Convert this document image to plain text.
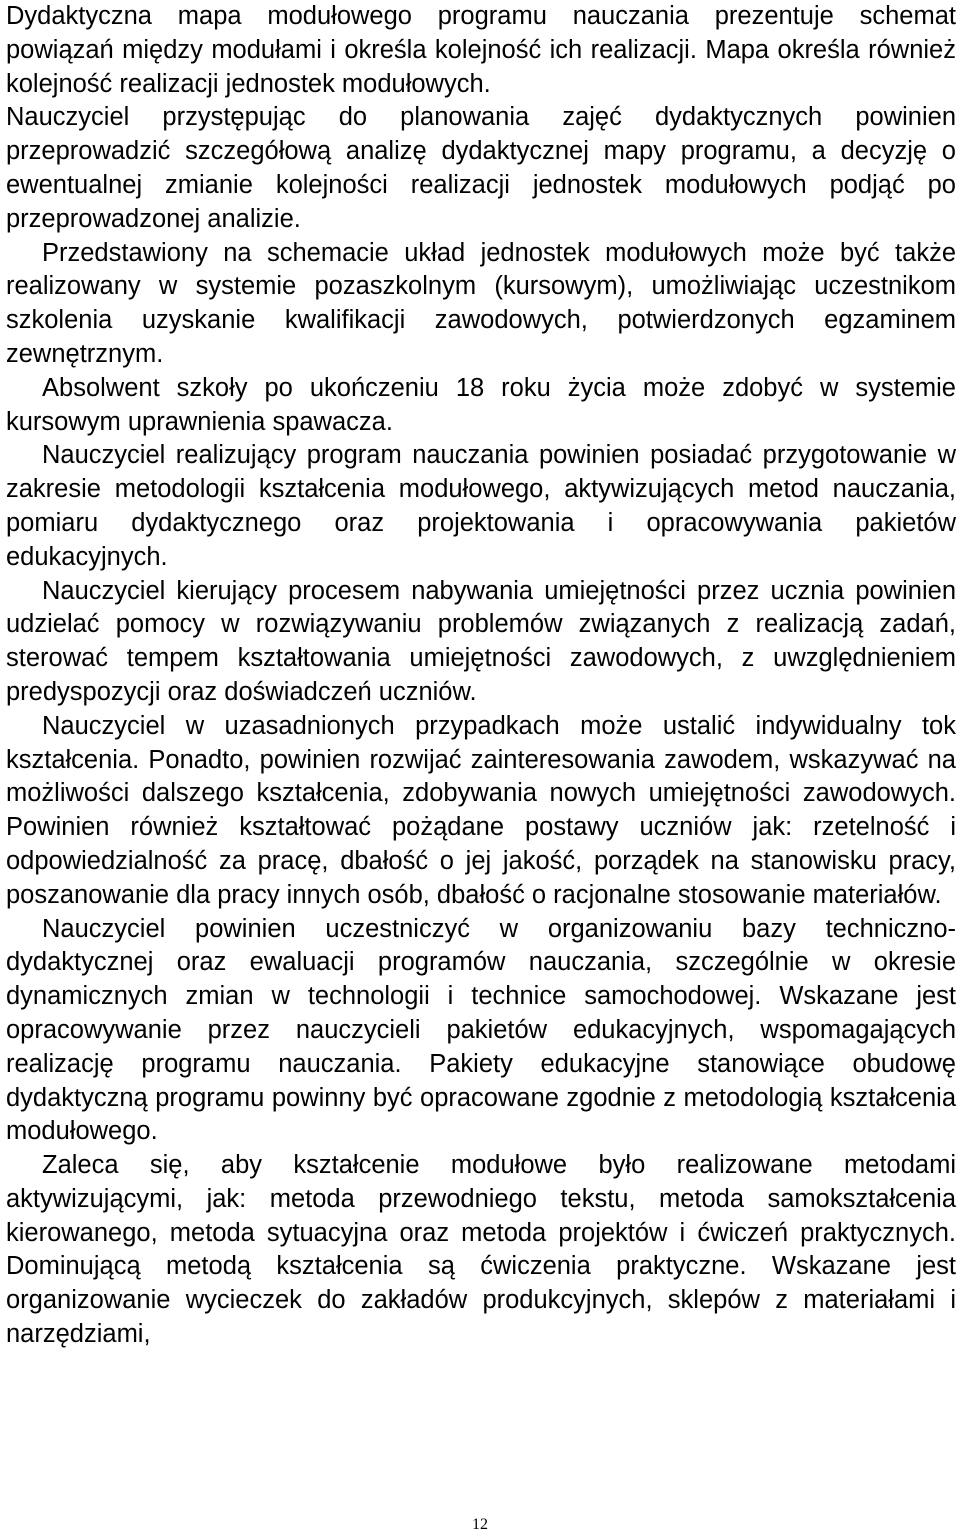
Dydaktyczna mapa modułowego programu nauczania prezentuje schemat powiązań między modułami i określa kolejność ich realizacji. Mapa określa również kolejność realizacji jednostek modułowych.

Nauczyciel przystępując do planowania zajęć dydaktycznych powinien przeprowadzić szczegółową analizę dydaktycznej mapy programu, a decyzję o ewentualnej zmianie kolejności realizacji jednostek modułowych podjąć po przeprowadzonej analizie.

Przedstawiony na schemacie układ jednostek modułowych może być także realizowany w systemie pozaszkolnym (kursowym), umożliwiając uczestnikom szkolenia uzyskanie kwalifikacji zawodowych, potwierdzonych egzaminem zewnętrznym.

Absolwent szkoły po ukończeniu 18 roku życia może zdobyć w systemie kursowym uprawnienia spawacza.

Nauczyciel realizujący program nauczania powinien posiadać przygotowanie w zakresie metodologii kształcenia modułowego, aktywizujących metod nauczania, pomiaru dydaktycznego oraz projektowania i opracowywania pakietów edukacyjnych.

Nauczyciel kierujący procesem nabywania umiejętności przez ucznia powinien udzielać pomocy w rozwiązywaniu problemów związanych z realizacją zadań, sterować tempem kształtowania umiejętności zawodowych, z uwzględnieniem predyspozycji oraz doświadczeń uczniów.

Nauczyciel w uzasadnionych przypadkach może ustalić indywidualny tok kształcenia. Ponadto, powinien rozwijać zainteresowania zawodem, wskazywać na możliwości dalszego kształcenia, zdobywania nowych umiejętności zawodowych. Powinien również kształtować pożądane postawy uczniów jak: rzetelność i odpowiedzialność za pracę, dbałość o jej jakość, porządek na stanowisku pracy, poszanowanie dla pracy innych osób, dbałość o racjonalne stosowanie materiałów.

Nauczyciel powinien uczestniczyć w organizowaniu bazy techniczno-dydaktycznej oraz ewaluacji programów nauczania, szczególnie w okresie dynamicznych zmian w technologii i technice samochodowej. Wskazane jest opracowywanie przez nauczycieli pakietów edukacyjnych, wspomagających realizację programu nauczania. Pakiety edukacyjne stanowiące obudowę dydaktyczną programu powinny być opracowane zgodnie z metodologią kształcenia modułowego.

Zaleca się, aby kształcenie modułowe było realizowane metodami aktywizującymi, jak: metoda przewodniego tekstu, metoda samokształcenia kierowanego, metoda sytuacyjna oraz metoda projektów i ćwiczeń praktycznych. Dominującą metodą kształcenia są ćwiczenia praktyczne. Wskazane jest organizowanie wycieczek do zakładów produkcyjnych, sklepów z materiałami i narzędziami,

12
